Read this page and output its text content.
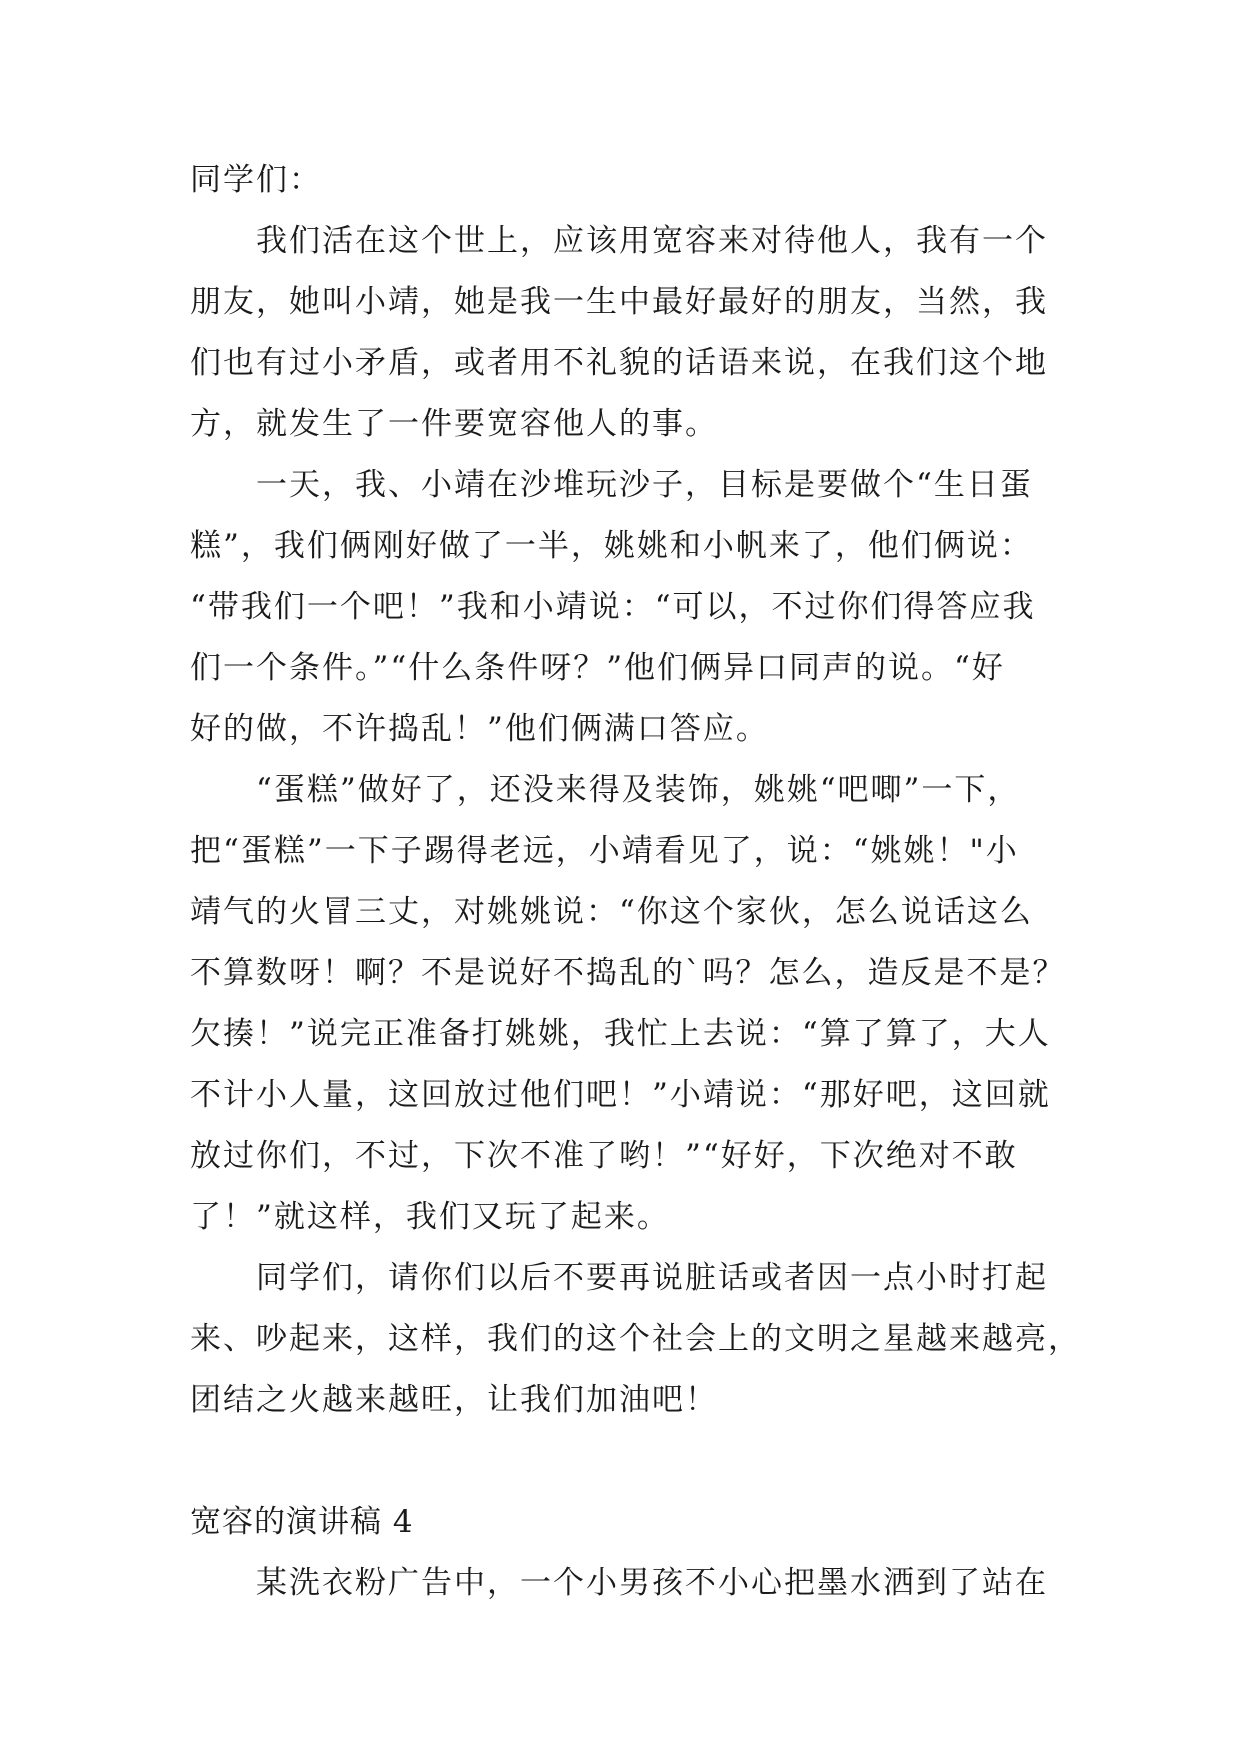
同学们：
我们活在这个世上，应该用宽容来对待他人，我有一个
朋友，她叫小靖，她是我一生中最好最好的朋友，当然，我
们也有过小矛盾，或者用不礼貌的话语来说，在我们这个地
方，就发生了一件要宽容他人的事。
一天，我、小靖在沙堆玩沙子，目标是要做个“生日蛋
糕”，我们俩刚好做了一半，姚姚和小帆来了，他们俩说：
“带我们一个吧！”我和小靖说：“可以，不过你们得答应我
们一个条件。”“什么条件呀？”他们俩异口同声的说。“好
好的做，不许捣乱！”他们俩满口答应。
“蛋糕”做好了，还没来得及装饰，姚姚“吧唧”一下，
把“蛋糕”一下子踢得老远，小靖看见了，说：“姚姚！"小
靖气的火冒三丈，对姚姚说：“你这个家伙，怎么说话这么
不算数呀！啊？不是说好不捣乱的`吗？怎么，造反是不是？
欠揍！”说完正准备打姚姚，我忙上去说：“算了算了，大人
不计小人量，这回放过他们吧！”小靖说：“那好吧，这回就
放过你们，不过，下次不准了哟！”“好好，下次绝对不敢
了！”就这样，我们又玩了起来。
同学们，请你们以后不要再说脏话或者因一点小时打起
来、吵起来，这样，我们的这个社会上的文明之星越来越亮，
团结之火越来越旺，让我们加油吧！
宽容的演讲稿 4
某洗衣粉广告中，一个小男孩不小心把墨水洒到了站在
